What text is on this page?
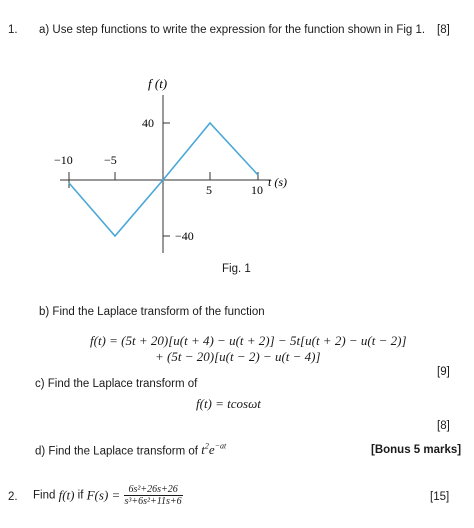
1. a) Use step functions to write the expression for the function shown in Fig 1. [8]
f (t)
t (s)
40
−40
−10	−5
5	10
Fig. 1
b) Find the Laplace transform of the function
f(t) = (5t + 20)[u(t + 4) − u(t + 2)] − 5t[u(t + 2) − u(t − 2)]
+ (5t − 20)[u(t − 2) − u(t − 4)]
[9]
c) Find the Laplace transform of
f(t) = tcosωt
[8]
d) Find the Laplace transform of $t^2e^{-at}$	[Bonus 5 marks]
2. Find f(t) if $F(s) = \frac{\text{6s²+26s+26}}{\text{s³+6s²+11s+6}}$	[15]
